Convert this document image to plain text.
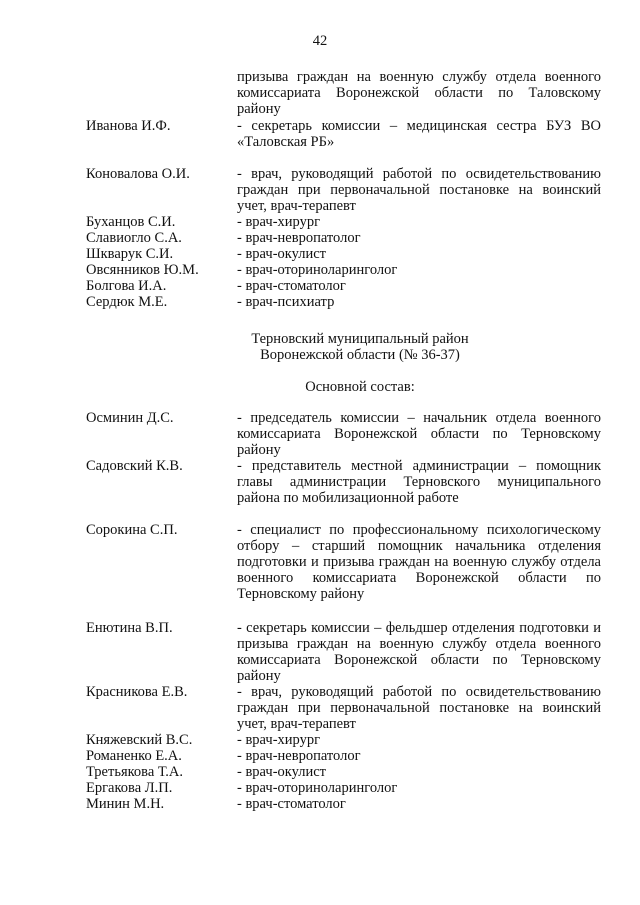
42
призыва граждан на военную службу отдела военного комиссариата Воронежской области по Таловскому району
Иванова И.Ф.	- секретарь комиссии – медицинская сестра БУЗ ВО «Таловская РБ»
Коновалова О.И.	- врач, руководящий работой по освидетельствованию граждан при первоначальной постановке на воинский учет, врач-терапевт
Буханцов С.И.	- врач-хирург
Славиогло С.А.	- врач-невропатолог
Шкварук С.И.	- врач-окулист
Овсянников Ю.М.	- врач-оториноларинголог
Болгова И.А.	- врач-стоматолог
Сердюк М.Е.	- врач-психиатр
Терновский муниципальный район
Воронежской области (№ 36-37)
Основной состав:
Осминин Д.С.	- председатель комиссии – начальник отдела военного комиссариата Воронежской области по Терновскому району
Садовский К.В.	- представитель местной администрации – помощник главы администрации Терновского муниципального района по мобилизационной работе
Сорокина С.П.	- специалист по профессиональному психологическому отбору – старший помощник начальника отделения подготовки и призыва граждан на военную службу отдела военного комиссариата Воронежской области по Терновскому району
Енютина В.П.	- секретарь комиссии – фельдшер отделения подготовки и призыва граждан на военную службу отдела военного комиссариата Воронежской области по Терновскому району
Красникова Е.В.	- врач, руководящий работой по освидетельствованию граждан при первоначальной постановке на воинский учет, врач-терапевт
Княжевский В.С.	- врач-хирург
Романенко Е.А.	- врач-невропатолог
Третьякова Т.А.	- врач-окулист
Ергакова Л.П.	- врач-оториноларинголог
Минин М.Н.	- врач-стоматолог
